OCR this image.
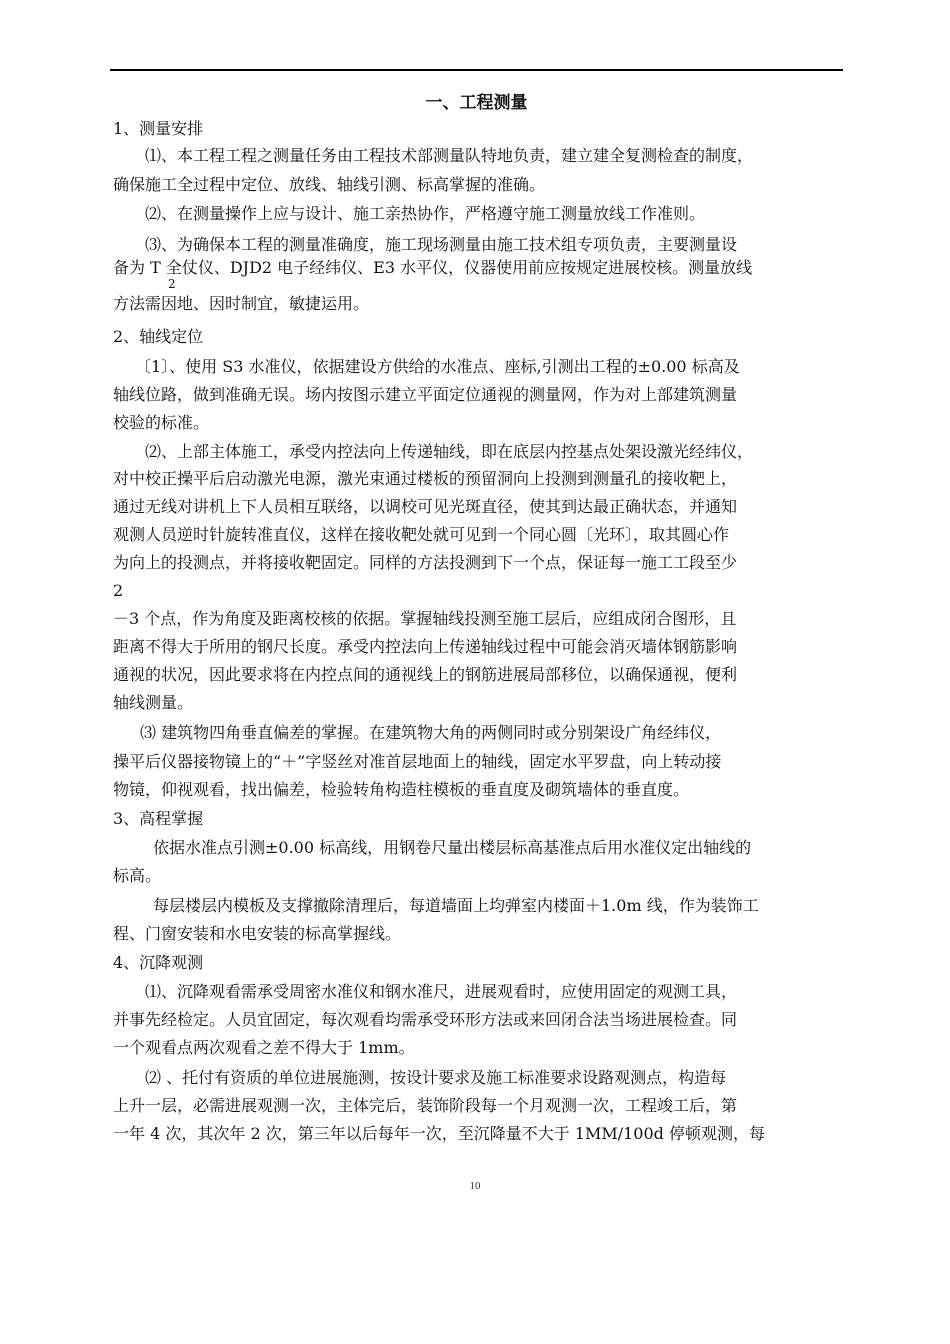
一、工程测量
1、测量安排
⑴、本工程工程之测量任务由工程技术部测量队特地负责，建立建全复测检查的制度，
确保施工全过程中定位、放线、轴线引测、标高掌握的准确。
⑵、在测量操作上应与设计、施工亲热协作，严格遵守施工测量放线工作准则。
⑶、为确保本工程的测量准确度，施工现场测量由施工技术组专项负责，主要测量设
备为 T 全仗仪、DJD2 电子经纬仪、E3 水平仪，仪器使用前应按规定进展校核。测量放线
2
方法需因地、因时制宜，敏捷运用。
2、轴线定位
〔1〕、使用 S3 水准仪，依据建设方供给的水准点、座标,引测出工程的±0.00 标高及
轴线位路，做到准确无误。场内按图示建立平面定位通视的测量网，作为对上部建筑测量
校验的标准。
⑵、上部主体施工，承受内控法向上传递轴线，即在底层内控基点处架设激光经纬仪，
对中校正操平后启动激光电源，激光束通过楼板的预留洞向上投测到测量孔的接收靶上，
通过无线对讲机上下人员相互联络，以调校可见光斑直径，使其到达最正确状态，并通知
观测人员逆时针旋转准直仪，这样在接收靶处就可见到一个同心圆〔光环〕，取其圆心作
为向上的投测点，并将接收靶固定。同样的方法投测到下一个点，保证每一施工工段至少
2
－3 个点，作为角度及距离校核的依据。掌握轴线投测至施工层后，应组成闭合图形，且
距离不得大于所用的钢尺长度。承受内控法向上传递轴线过程中可能会消灭墙体钢筋影响
通视的状况，因此要求将在内控点间的通视线上的钢筋进展局部移位，以确保通视，便利
轴线测量。
⑶ 建筑物四角垂直偏差的掌握。在建筑物大角的两侧同时或分别架设广角经纬仪，
操平后仪器接物镜上的“＋”字竖丝对准首层地面上的轴线，固定水平罗盘，向上转动接
物镜，仰视观看，找出偏差，检验转角构造柱模板的垂直度及砌筑墙体的垂直度。
3、高程掌握
依据水准点引测±0.00 标高线，用钢卷尺量出楼层标高基准点后用水准仪定出轴线的
标高。
每层楼层内模板及支撑撤除清理后，每道墙面上均弹室内楼面＋1.0m 线，作为装饰工
程、门窗安装和水电安装的标高掌握线。
4、沉降观测
⑴、沉降观看需承受周密水准仪和钢水准尺，进展观看时，应使用固定的观测工具，
并事先经检定。人员宜固定，每次观看均需承受环形方法或来回闭合法当场进展检查。同
一个观看点两次观看之差不得大于 1mm。
⑵ 、托付有资质的单位进展施测，按设计要求及施工标准要求设路观测点，构造每
上升一层，必需进展观测一次，主体完后，装饰阶段每一个月观测一次，工程竣工后，第
一年 4 次，其次年 2 次，第三年以后每年一次，至沉降量不大于 1MM/100d 停顿观测，每
10
